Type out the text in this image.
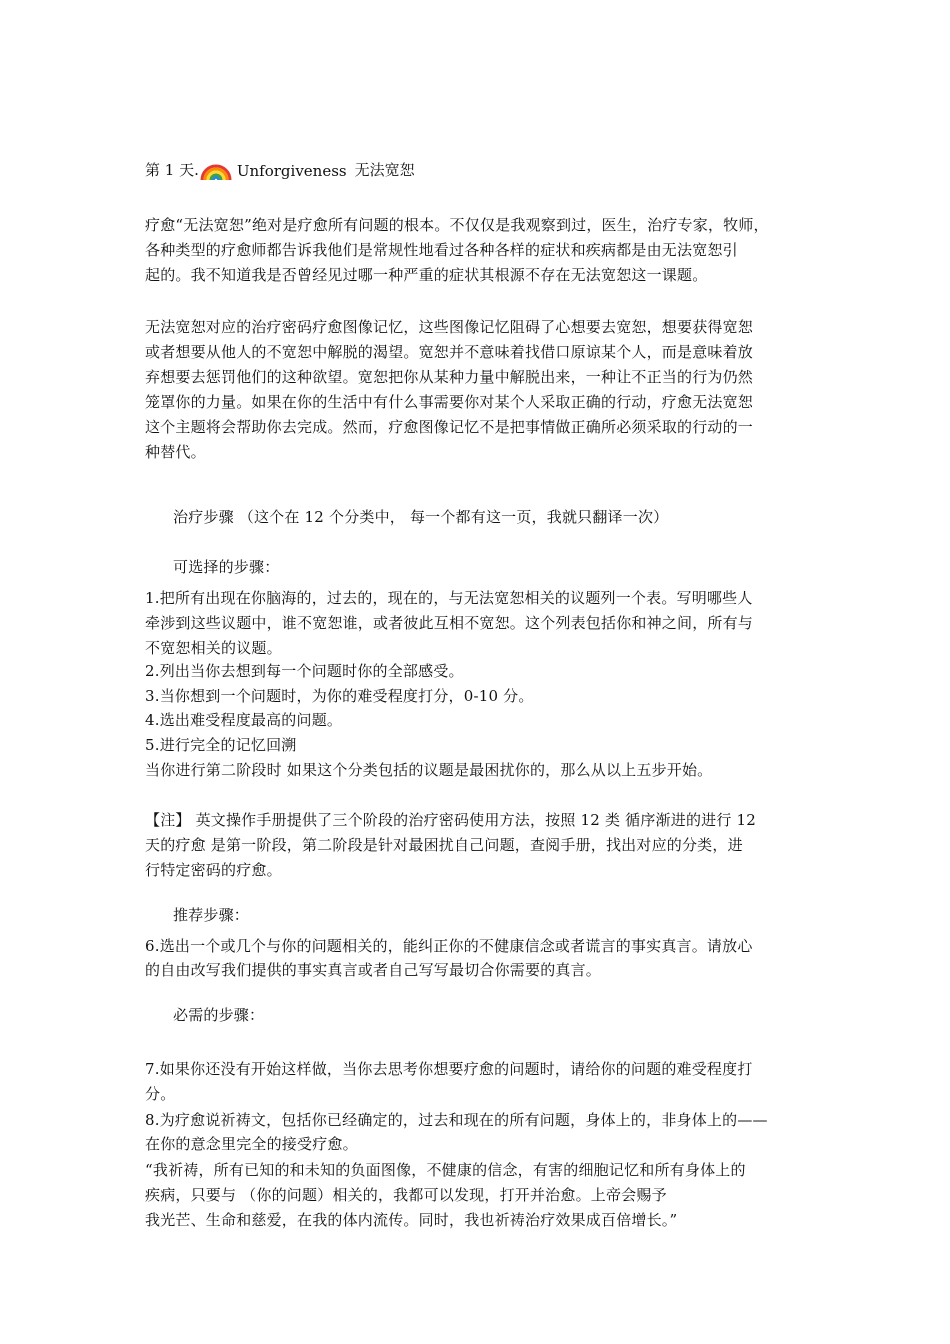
第 1 天.	Unforgiveness 无法宽恕
疗愈“无法宽恕”绝对是疗愈所有问题的根本。不仅仅是我观察到过，医生，治疗专家，牧师，
各种类型的疗愈师都告诉我他们是常规性地看过各种各样的症状和疾病都是由无法宽恕引
起的。我不知道我是否曾经见过哪一种严重的症状其根源不存在无法宽恕这一课题。
无法宽恕对应的治疗密码疗愈图像记忆，这些图像记忆阻碍了心想要去宽恕，想要获得宽恕
或者想要从他人的不宽恕中解脱的渴望。宽恕并不意味着找借口原谅某个人，而是意味着放
弃想要去惩罚他们的这种欲望。宽恕把你从某种力量中解脱出来，一种让不正当的行为仍然
笼罩你的力量。如果在你的生活中有什么事需要你对某个人采取正确的行动，疗愈无法宽恕
这个主题将会帮助你去完成。然而，疗愈图像记忆不是把事情做正确所必须采取的行动的一
种替代。
治疗步骤 （这个在 12 个分类中， 每一个都有这一页，我就只翻译一次）
可选择的步骤：
1.把所有出现在你脑海的，过去的，现在的，与无法宽恕相关的议题列一个表。写明哪些人
牵涉到这些议题中，谁不宽恕谁，或者彼此互相不宽恕。这个列表包括你和神之间，所有与
不宽恕相关的议题。
2.列出当你去想到每一个问题时你的全部感受。
3.当你想到一个问题时，为你的难受程度打分，0-10 分。
4.选出难受程度最高的问题。
5.进行完全的记忆回溯
当你进行第二阶段时 如果这个分类包括的议题是最困扰你的，那么从以上五步开始。
【注】 英文操作手册提供了三个阶段的治疗密码使用方法，按照 12 类 循序渐进的进行 12
天的疗愈 是第一阶段，第二阶段是针对最困扰自己问题，查阅手册，找出对应的分类，进
行特定密码的疗愈。
推荐步骤：
6.选出一个或几个与你的问题相关的，能纠正你的不健康信念或者谎言的事实真言。请放心
的自由改写我们提供的事实真言或者自己写写最切合你需要的真言。
必需的步骤：
7.如果你还没有开始这样做，当你去思考你想要疗愈的问题时，请给你的问题的难受程度打
分。
8.为疗愈说祈祷文，包括你已经确定的，过去和现在的所有问题，身体上的，非身体上的——
在你的意念里完全的接受疗愈。
“我祈祷，所有已知的和未知的负面图像，不健康的信念，有害的细胞记忆和所有身体上的
疾病，只要与 （你的问题）相关的，我都可以发现，打开并治愈。上帝会赐予
我光芒、生命和慈爱，在我的体内流传。同时，我也祈祷治疗效果成百倍增长。”
